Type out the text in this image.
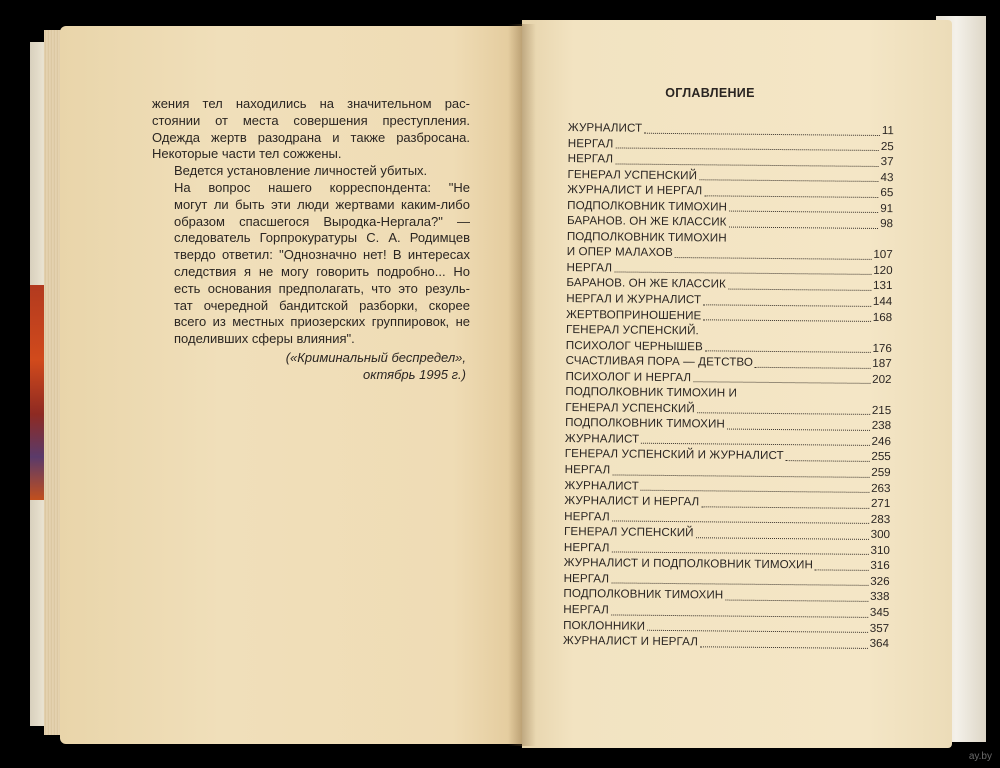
жения тел находились на значительном рас-
стоянии от места совершения преступления.
Одежда жертв разодрана и также разбросана.
Некоторые части тел сожжены.

Ведется установление личностей убитых.

На вопрос нашего корреспондента: "Не
могут ли быть эти люди жертвами каким-либо
образом спасшегося Выродка-Нергала?" —
следователь Горпрокуратуры С. А. Родимцев
твердо ответил: "Однозначно нет! В интересах
следствия я не могу говорить подробно... Но
есть основания предполагать, что это резуль-
тат очередной бандитской разборки, скорее
всего из местных приозерских группировок, не
поделивших сферы влияния".

(«Криминальный беспредел»,
октябрь 1995 г.)
ОГЛАВЛЕНИЕ
ЖУРНАЛИСТ	11
НЕРГАЛ	25
НЕРГАЛ	37
ГЕНЕРАЛ УСПЕНСКИЙ	43
ЖУРНАЛИСТ И НЕРГАЛ	65
ПОДПОЛКОВНИК ТИМОХИН	91
БАРАНОВ. ОН ЖЕ КЛАССИК	98
ПОДПОЛКОВНИК ТИМОХИН
И ОПЕР МАЛАХОВ	107
НЕРГАЛ	120
БАРАНОВ. ОН ЖЕ КЛАССИК	131
НЕРГАЛ И ЖУРНАЛИСТ	144
ЖЕРТВОПРИНОШЕНИЕ	168
ГЕНЕРАЛ УСПЕНСКИЙ.
ПСИХОЛОГ ЧЕРНЫШЕВ	176
СЧАСТЛИВАЯ ПОРА — ДЕТСТВО	187
ПСИХОЛОГ И НЕРГАЛ	202
ПОДПОЛКОВНИК ТИМОХИН И
ГЕНЕРАЛ УСПЕНСКИЙ	215
ПОДПОЛКОВНИК ТИМОХИН	238
ЖУРНАЛИСТ	246
ГЕНЕРАЛ УСПЕНСКИЙ И ЖУРНАЛИСТ	255
НЕРГАЛ	259
ЖУРНАЛИСТ	263
ЖУРНАЛИСТ И НЕРГАЛ	271
НЕРГАЛ	283
ГЕНЕРАЛ УСПЕНСКИЙ	300
НЕРГАЛ	310
ЖУРНАЛИСТ И ПОДПОЛКОВНИК ТИМОХИН	316
НЕРГАЛ	326
ПОДПОЛКОВНИК ТИМОХИН	338
НЕРГАЛ	345
ПОКЛОННИКИ	357
ЖУРНАЛИСТ И НЕРГАЛ	364
ay.by
